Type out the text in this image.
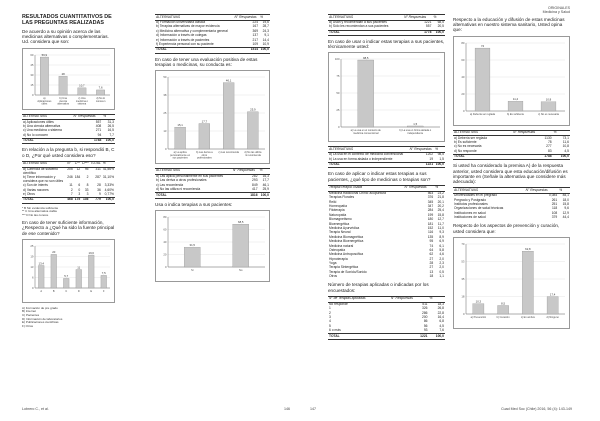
ORIGINALES
Medicina y Salud
RESULTADOS CUANTITATIVOS DE LAS PREGUNTAS REALIZADAS

De acuerdo a su opinión acerca de las medicinas alternativas o complementarias. Ud. considera que son:

0
15
30
45
60	56,9
a) Aplicaciones útiles
28
b) Una ciencia alternativa
10,7
c) Una medicina o sistema
7,6
d) No lo conocen
ALTERNATIVAS	N° Respuestas	%
a) Aplicaciones útiles	557	31,3
b) Una ciencia alternativa	408	26,5
c) Una medicina o sistema	271	16,5
d) No lo conocen	94	7,7
TOTAL	1788	100,0

En relación a la pregunta b, si respondió B, C o D, ¿Por qué usted considera eso?

ALTERNATIVAS	N°	C**	D***	TOTAL	%
a) Carencia de sustento científico	205	12	95	311	41,56%
b) Tiene información y considera que no son útiles	246	184	2	287	31,10%
c) Son de interés	11	6	8	28	3,33%
d) Varias razones	2	0	33	36	4,60%
e) Otros	7	3	3	9	0,77%
TOTAL	468	175	136	779	100,0
* B Sin evidencia suficiente
** C Una alternativa viable
*** D No las conoce

En caso de tener suficiente información, ¿Respecto a ¿Qué ha sido la fuente principal de ese contenido?

0
6
13
19
25
13,4
A
20
B
5,7
C
11
D
19,6
E
7,5
F
A) Formación de pre grado
B) Internet
C) Pacientes
D) Información de laboratorios
E) Publicaciones científicas
F) Otros
ALTERNATIVAS	N° Respuestas	%
a) Formación universitaria clásica	224	19,6
b) Terapias alternativas de mayor evidencia	167	28,7
c) Medicina alternativa y complementaria general	369	24,3
d) Información a través de colegas	137	9,1
e) Información a través de pacientes	217	14,4
f) Experiencia personal con su paciente	109	10,9
TOTAL	1514	100,0

En caso de tener una evaluación positiva de estas terapias o medicinas, su conducta es:

0
13
25
38
50
15,1
a) La aplica personalmente en sus pacientes
17,7
b) Las deriva a otros profesionales
46,1
c) Las recomienda
25,9
d) No las utiliza ni recomienda
ALTERNATIVAS	N° Respuestas	%
a) Las aplica personalmente en sus pacientes	282	16,3
b) Las deriva a otros profesionales	293	17,7
c) Las recomienda	849	46,1
d) No las utiliza ni recomienda	417	25,9
TOTAL	1816	100,0

Usa o indica terapias a sus pacientes:

0
20
40
60
80
31,5
Sí
68,5
No
ALTERNATIVAS	N° Respuestas	%
a) Usan y recomiendan a sus pacientes	1221	68,5
b) Sólo les recomiendan a sus pacientes	557	20,5
TOTAL	1778	100,0

En caso de usar o indicar estas terapias a sus pacientes, técnicamente usted:

0
25
50
75
100	98,5
a) La usa en el contexto de medicina convencional
1,5
b) La usa en forma aislada o independiente
ALTERNATIVAS	N° Respuestas	%
a) La usa en el contexto de medicina convencional	1202	98,5
b) La usa en forma aislada o independiente	19	1,5
TOTAL	1221	100,0

En caso de aplicar o indicar estas terapias a sus pacientes, ¿qué tipo de medicinas o terapias son?

Terapia/Terapia Usada	N° Respuestas	%
Medicina tradicional China: acupuntura	563	23,2
Terapias Florales	376	21,8
Reiki	345	20,1
Homeopatía	347	20,2
Fitoterapia	284	25,4
Naturopatía	199	15,8
Biomagnetismo	180	12,7
Bioenergética	181	11,7
Medicina Ayurvédica	152	11,0
Terapia Neural	116	9,3
Medicina Biomagnética	135	8,9
Medicina Bioenergética	95	6,9
Medicina natural	74	6,1
Osteopatía	64	5,8
Medicina Antroposófica	62	4,6
Hipnoterapia	27	2,0
Yoga	28	2,3
Terapia Sintergética	27	2,0
Terapia de Sonido/Sonido	13	0,5
Otros	18	1,1

Número de terapias aplicadas o indicadas por los encuestados:

N° de Terapias aplicadas	N° Respuestas	%
No responde	511	18,3
1	326	26,8
2	286	22,8
3	200	16,4
4	86	6,8
5	56	4,5
6 o más	93	7,6
TOTAL	1221	100,0

Respecto a la educación y difusión de estas medicinas alternativas en nuestro sistema sanitario, Usted opina que:

0
20
40
60
80
74
a) Debería ser reglada
11,4
b) Es suficiente
10,8
c) No es necesaria
ALTERNATIVAS	N° Respuestas	%
a) Debería ser reglada	1130	73,1
b) Es suficiente	78	11,6
c) No es necesaria	277	10,8
d) No responde	83	4,5
TOTAL	1788	100,0

Si usted ha considerado la premisa A) de la respuesta anterior, usted considera que esta educación/difusión es importante en (Señale la alternativa que considere más adecuada):

ALTERNATIVAS	N° Respuestas	%
Universidades en el pregrado	0,084	84,1
Pregrado y Postgrado	261	18,0
Institutos profesionales	251	15,8
Organizaciones de salud técnicas	118	9,6
Instituciones en salud	108	12,9
Instituciones de salud	379	44,4

Respecto de los aspectos de prevención y curación, usted considera que:

0
18
35
53
70
10,3
a) Prevención
8,5
b) Curación
62,8
c) En ambos
17,4
d) Ninguno
Lobrero C., et al.	146	147	Cuad Med Soc (Chile) 2016, 56 (4): 143-149
